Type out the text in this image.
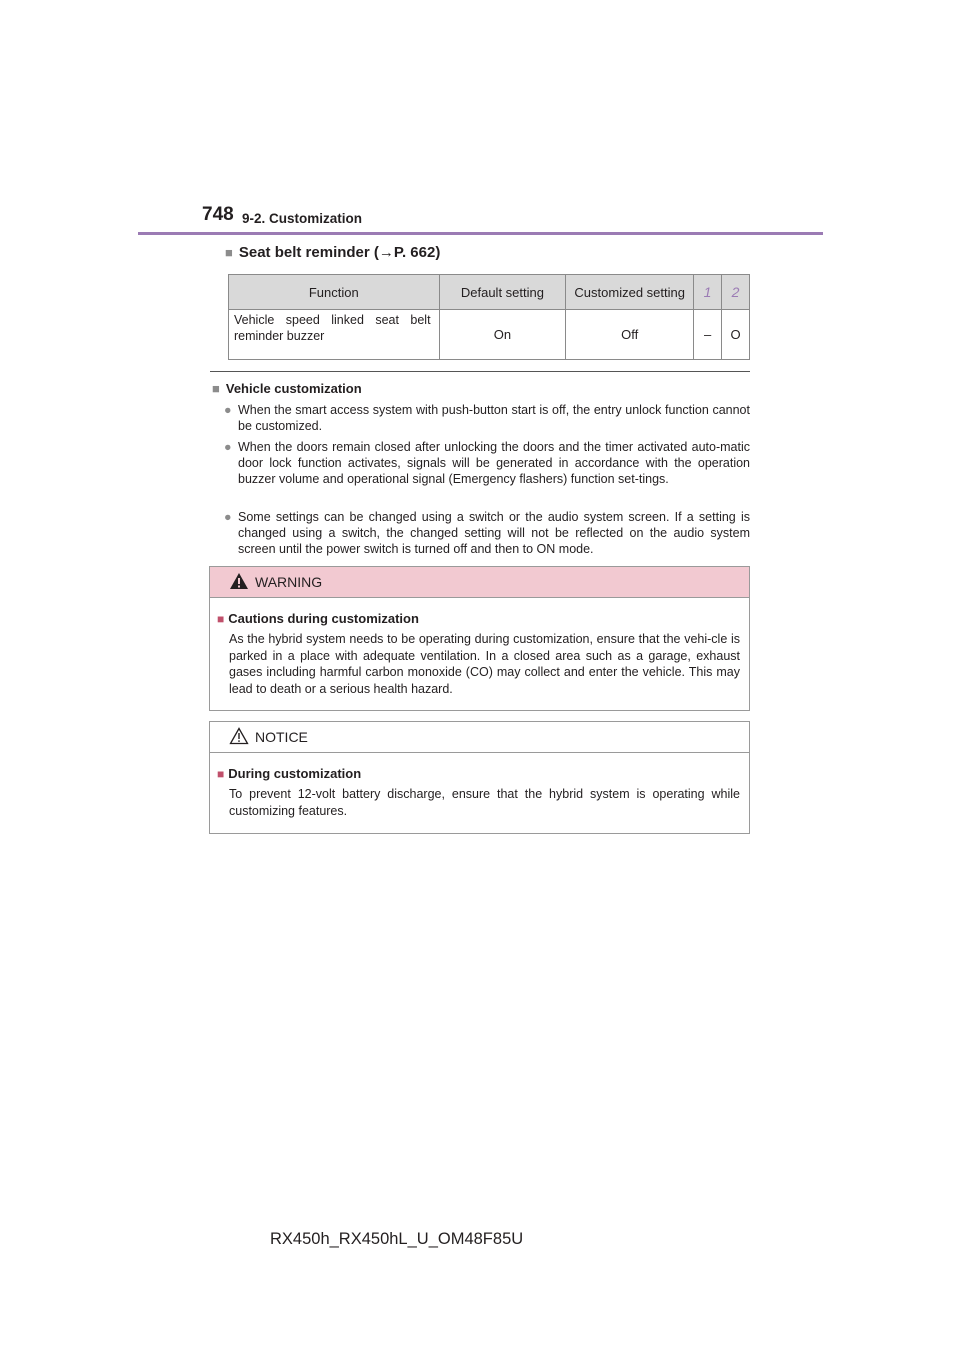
748 9-2. Customization
■ Seat belt reminder (→P. 662)
Function	Default setting	Customized setting	1	2
Vehicle speed linked seat belt reminder buzzer	On	Off	–	O
■ Vehicle customization
● When the smart access system with push-button start is off, the entry unlock function cannot be customized.
● When the doors remain closed after unlocking the doors and the timer activated auto-matic door lock function activates, signals will be generated in accordance with the operation buzzer volume and operational signal (Emergency flashers) function set-tings.
● Some settings can be changed using a switch or the audio system screen. If a setting is changed using a switch, the changed setting will not be reflected on the audio system screen until the power switch is turned off and then to ON mode.
WARNING
■ Cautions during customization
As the hybrid system needs to be operating during customization, ensure that the vehi-cle is parked in a place with adequate ventilation. In a closed area such as a garage, exhaust gases including harmful carbon monoxide (CO) may collect and enter the vehicle. This may lead to death or a serious health hazard.
NOTICE
■ During customization
To prevent 12-volt battery discharge, ensure that the hybrid system is operating while customizing features.
RX450h_RX450hL_U_OM48F85U
